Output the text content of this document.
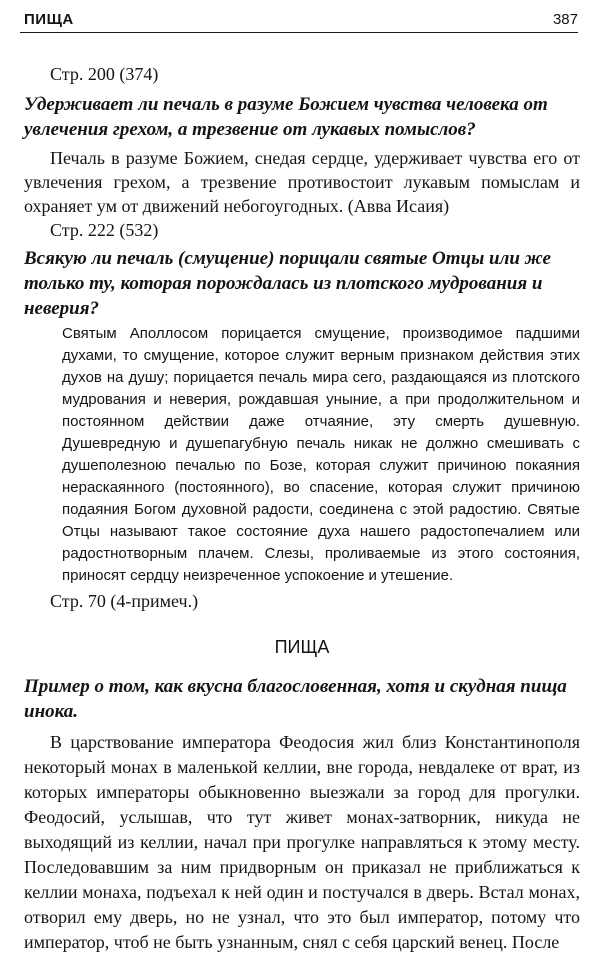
ПИЩА	387

Стр. 200 (374)

Удерживает ли печаль в разуме Божием чувства человека от увлечения грехом, а трезвение от лукавых помыслов?

Печаль в разуме Божием, снедая сердце, удерживает чувства его от увлечения грехом, а трезвение противостоит лукавым помыслам и охраняет ум от движений небогоугодных. (Авва Исаия)

Стр. 222 (532)

Всякую ли печаль (смущение) порицали святые Отцы или же только ту, которая порождалась из плотского мудрования и неверия?

Святым Аполлосом порицается смущение, производимое падшими духами, то смущение, которое служит верным признаком действия этих духов на душу; порицается печаль мира сего, раздающаяся из плотского мудрования и неверия, рождавшая уныние, а при продолжительном и постоянном действии даже отчаяние, эту смерть душевную. Душевредную и душепагубную печаль никак не должно смешивать с душеполезною печалью по Бозе, которая служит причиною покаяния нераскаянного (постоянного), во спасение, которая служит причиною подаяния Богом духовной радости, соединена с этой радостию. Святые Отцы называют такое состояние духа нашего радостопечалием или радостнотворным плачем. Слезы, проливаемые из этого состояния, приносят сердцу неизреченное успокоение и утешение.

Стр. 70 (4-примеч.)

ПИЩА

Пример о том, как вкусна благословенная, хотя и скудная пища инока.

В царствование императора Феодосия жил близ Константинополя некоторый монах в маленькой келлии, вне города, невдалеке от врат, из которых императоры обыкновенно выезжали за город для прогулки. Феодосий, услышав, что тут живет монах-затворник, никуда не выходящий из келлии, начал при прогулке направляться к этому месту. Последовавшим за ним придворным он приказал не приближаться к келлии монаха, подъехал к ней один и постучался в дверь. Встал монах, отворил ему дверь, но не узнал, что это был император, потому что император, чтоб не быть узнанным, снял с себя царский венец. После
